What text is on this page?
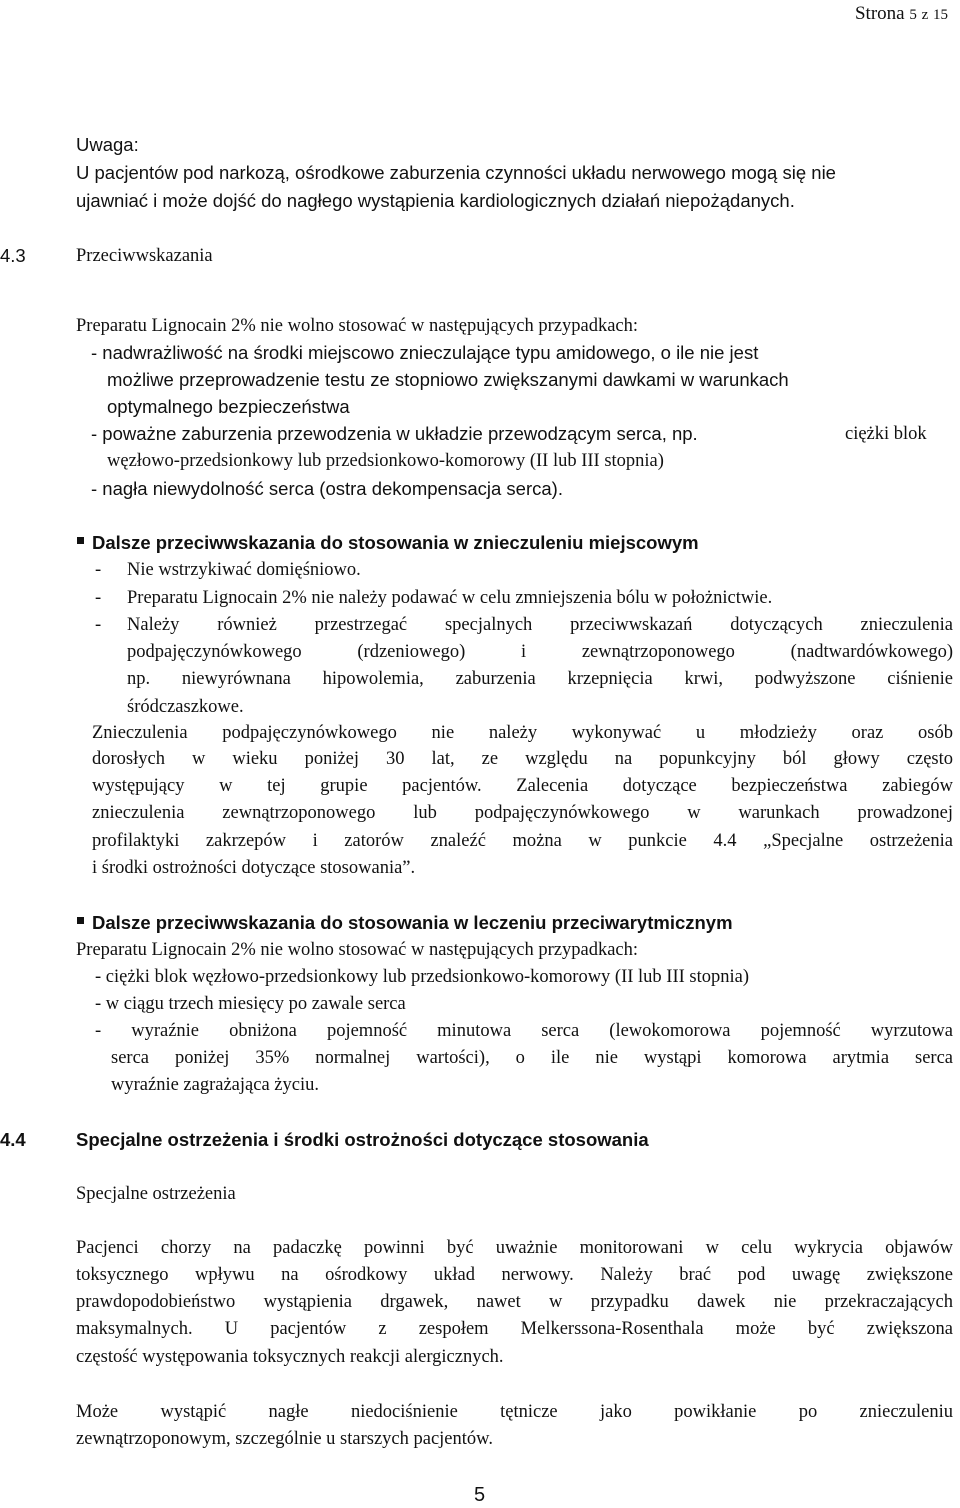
Strona 5 z 15
Uwaga:
U pacjentów pod narkozą, ośrodkowe zaburzenia czynności układu nerwowego mogą się nie
ujawniać i może dojść do nagłego wystąpienia kardiologicznych działań niepożądanych.
4.3	Przeciwwskazania
Preparatu Lignocain 2% nie wolno stosować w następujących przypadkach:
- nadwrażliwość na środki miejscowo znieczulające typu amidowego, o ile nie jest
możliwe przeprowadzenie testu ze stopniowo zwiększanymi dawkami w warunkach
optymalnego bezpieczeństwa
- poważne zaburzenia przewodzenia w układzie przewodzącym serca, np.	ciężki blok
węzłowo-przedsionkowy lub przedsionkowo-komorowy (II lub III stopnia)
- nagła niewydolność serca (ostra dekompensacja serca).
Dalsze przeciwwskazania do stosowania w znieczuleniu miejscowym
- Nie wstrzykiwać domięśniowo.
- Preparatu Lignocain 2% nie należy podawać w celu zmniejszenia bólu w położnictwie.
- Należy również przestrzegać specjalnych przeciwwskazań dotyczących znieczulenia
podpajęczynówkowego (rdzeniowego) i zewnątrzoponowego (nadtwardówkowego)
np. niewyrównana hipowolemia, zaburzenia krzepnięcia krwi, podwyższone ciśnienie
śródczaszkowe.
Znieczulenia podpajęczynówkowego nie należy wykonywać u młodzieży oraz osób
dorosłych w wieku poniżej 30 lat, ze względu na popunkcyjny ból głowy często
występujący w tej grupie pacjentów. Zalecenia dotyczące bezpieczeństwa zabiegów
znieczulenia zewnątrzoponowego lub podpajęczynówkowego w warunkach prowadzonej
profilaktyki zakrzepów i zatorów znaleźć można w punkcie 4.4 „Specjalne ostrzeżenia
i środki ostrożności dotyczące stosowania”.
Dalsze przeciwwskazania do stosowania w leczeniu przeciwarytmicznym
Preparatu Lignocain 2% nie wolno stosować w następujących przypadkach:
- ciężki blok węzłowo-przedsionkowy lub przedsionkowo-komorowy (II lub III stopnia)
- w ciągu trzech miesięcy po zawale serca
- wyraźnie obniżona pojemność minutowa serca (lewokomorowa pojemność wyrzutowa
serca poniżej 35% normalnej wartości), o ile nie wystąpi komorowa arytmia serca
wyraźnie zagrażająca życiu.
4.4	Specjalne ostrzeżenia i środki ostrożności dotyczące stosowania
Specjalne ostrzeżenia
Pacjenci chorzy na padaczkę powinni być uważnie monitorowani w celu wykrycia objawów
toksycznego wpływu na ośrodkowy układ nerwowy. Należy brać pod uwagę zwiększone
prawdopodobieństwo wystąpienia drgawek, nawet w przypadku dawek nie przekraczających
maksymalnych. U pacjentów z zespołem Melkerssona-Rosenthala może być zwiększona
częstość występowania toksycznych reakcji alergicznych.
Może wystąpić nagłe niedociśnienie tętnicze jako powikłanie po znieczuleniu
zewnątrzoponowym, szczególnie u starszych pacjentów.
5
